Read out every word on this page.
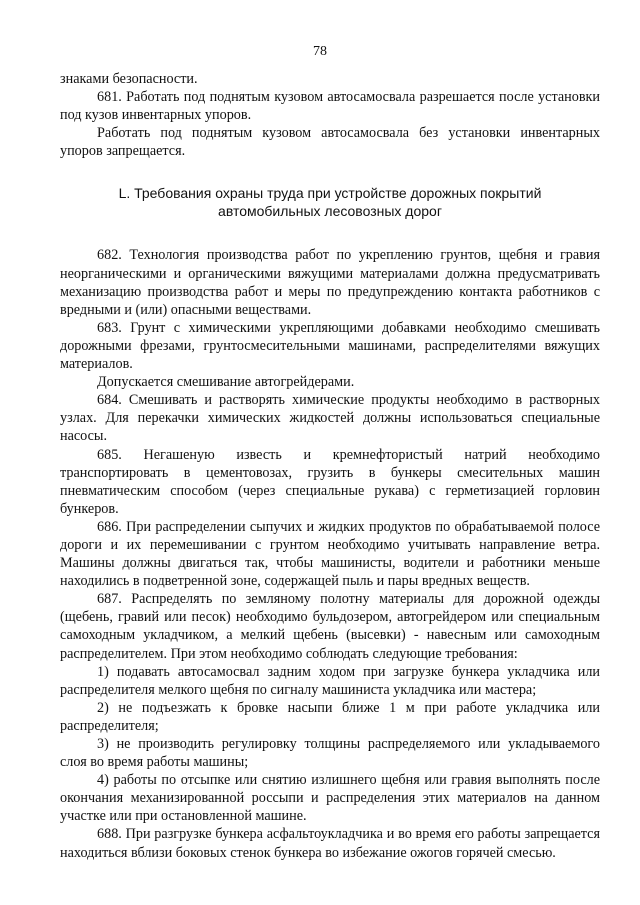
78

знаками безопасности.

681. Работать под поднятым кузовом автосамосвала разрешается после установки под кузов инвентарных упоров.

Работать под поднятым кузовом автосамосвала без установки инвентарных упоров запрещается.

L. Требования охраны труда при устройстве дорожных покрытий
автомобильных лесовозных дорог

682. Технология производства работ по укреплению грунтов, щебня и гравия неорганическими и органическими вяжущими материалами должна предусматривать механизацию производства работ и меры по предупреждению контакта работников с вредными и (или) опасными веществами.

683. Грунт с химическими укрепляющими добавками необходимо смешивать дорожными фрезами, грунтосмесительными машинами, распределителями вяжущих материалов.

Допускается смешивание автогрейдерами.

684. Смешивать и растворять химические продукты необходимо в растворных узлах. Для перекачки химических жидкостей должны использоваться специальные насосы.

685. Негашеную известь и кремнефтористый натрий необходимо транспортировать в цементовозах, грузить в бункеры смесительных машин пневматическим способом (через специальные рукава) с герметизацией горловин бункеров.

686. При распределении сыпучих и жидких продуктов по обрабатываемой полосе дороги и их перемешивании с грунтом необходимо учитывать направление ветра. Машины должны двигаться так, чтобы машинисты, водители и работники меньше находились в подветренной зоне, содержащей пыль и пары вредных веществ.

687. Распределять по земляному полотну материалы для дорожной одежды (щебень, гравий или песок) необходимо бульдозером, автогрейдером или специальным самоходным укладчиком, а мелкий щебень (высевки) - навесным или самоходным распределителем. При этом необходимо соблюдать следующие требования:

1) подавать автосамосвал задним ходом при загрузке бункера укладчика или распределителя мелкого щебня по сигналу машиниста укладчика или мастера;

2) не подъезжать к бровке насыпи ближе 1 м при работе укладчика или распределителя;

3) не производить регулировку толщины распределяемого или укладываемого слоя во время работы машины;

4) работы по отсыпке или снятию излишнего щебня или гравия выполнять после окончания механизированной россыпи и распределения этих материалов на данном участке или при остановленной машине.

688. При разгрузке бункера асфальтоукладчика и во время его работы запрещается находиться вблизи боковых стенок бункера во избежание ожогов горячей смесью.
